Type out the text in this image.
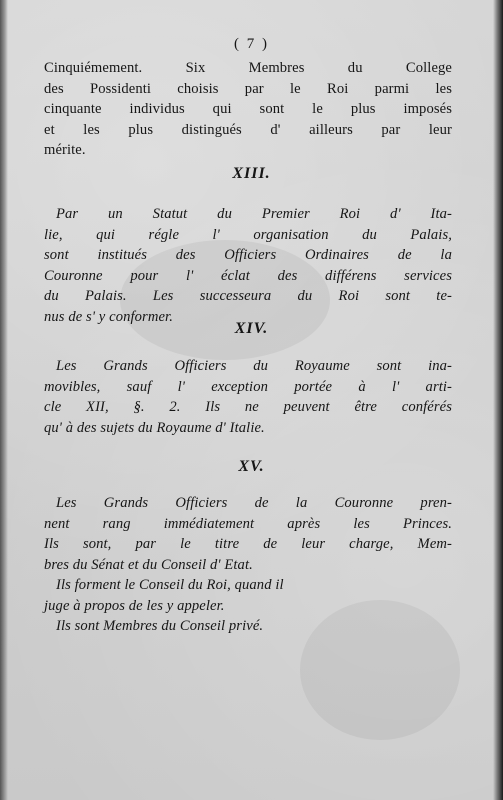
( 7 )
Cinquiémement. Six Membres du College
des Possidenti choisis par le Roi parmi les
cinquante individus qui sont le plus imposés
et les plus distingués d' ailleurs par leur
mérite.
XIII.
Par un Statut du Premier Roi d' Ita-
lie, qui régle l' organisation du Palais,
sont institués des Officiers Ordinaires de la
Couronne pour l' éclat des différens services
du Palais. Les successeura du Roi sont te-
nus de s' y conformer.
XIV.
Les Grands Officiers du Royaume sont ina-
movibles, sauf l' exception portée à l' arti-
cle XII, §. 2. Ils ne peuvent être conférés
qu' à des sujets du Royaume d' Italie.
XV.
Les Grands Officiers de la Couronne pren-
nent rang immédiatement après les Princes.
Ils sont, par le titre de leur charge, Mem-
bres du Sénat et du Conseil d' Etat.
Ils forment le Conseil du Roi, quand il
juge à propos de les y appeler.
Ils sont Membres du Conseil privé.
